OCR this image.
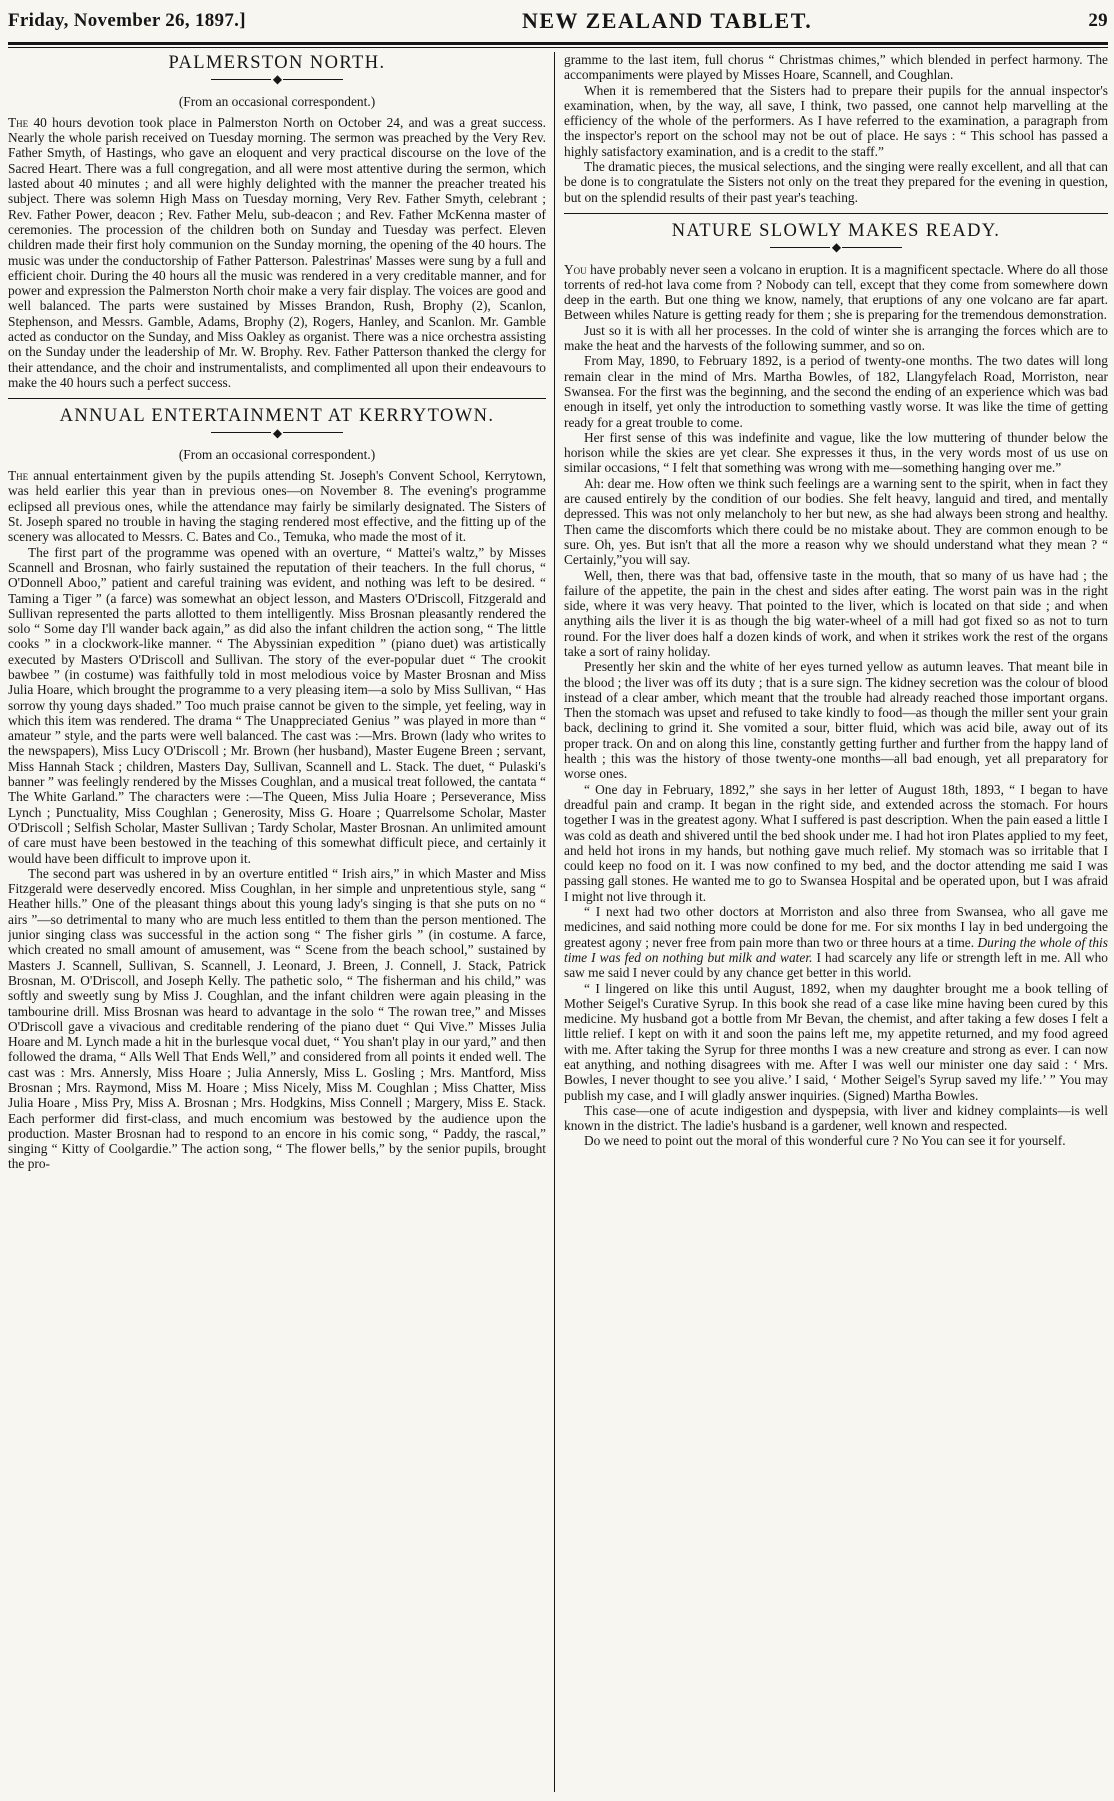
Friday, November 26, 1897.]	NEW ZEALAND TABLET.	29
PALMERSTON NORTH.
◆
(From an occasional correspondent.)

The 40 hours devotion took place in Palmerston North on October 24, and was a great success. Nearly the whole parish received on Tuesday morning. The sermon was preached by the Very Rev. Father Smyth, of Hastings, who gave an eloquent and very practical discourse on the love of the Sacred Heart. There was a full congregation, and all were most attentive during the sermon, which lasted about 40 minutes ; and all were highly delighted with the manner the preacher treated his subject. There was solemn High Mass on Tuesday morning, Very Rev. Father Smyth, celebrant ; Rev. Father Power, deacon ; Rev. Father Melu, sub-deacon ; and Rev. Father McKenna master of ceremonies. The procession of the children both on Sunday and Tuesday was perfect. Eleven children made their first holy communion on the Sunday morning, the opening of the 40 hours. The music was under the conductorship of Father Patterson. Palestrinas' Masses were sung by a full and efficient choir. During the 40 hours all the music was rendered in a very creditable manner, and for power and expression the Palmerston North choir make a very fair display. The voices are good and well balanced. The parts were sustained by Misses Brandon, Rush, Brophy (2), Scanlon, Stephenson, and Messrs. Gamble, Adams, Brophy (2), Rogers, Hanley, and Scanlon. Mr. Gamble acted as conductor on the Sunday, and Miss Oakley as organist. There was a nice orchestra assisting on the Sunday under the leadership of Mr. W. Brophy. Rev. Father Patterson thanked the clergy for their attendance, and the choir and instrumentalists, and complimented all upon their endeavours to make the 40 hours such a perfect success.

ANNUAL ENTERTAINMENT AT KERRYTOWN.
◆
(From an occasional correspondent.)

The annual entertainment given by the pupils attending St. Joseph's Convent School, Kerrytown, was held earlier this year than in previous ones—on November 8. The evening's programme eclipsed all previous ones, while the attendance may fairly be similarly designated. The Sisters of St. Joseph spared no trouble in having the staging rendered most effective, and the fitting up of the scenery was allocated to Messrs. C. Bates and Co., Temuka, who made the most of it.

The first part of the programme was opened with an overture, “ Mattei's waltz,” by Misses Scannell and Brosnan, who fairly sustained the reputation of their teachers. In the full chorus, “ O'Donnell Aboo,” patient and careful training was evident, and nothing was left to be desired. “ Taming a Tiger ” (a farce) was somewhat an object lesson, and Masters O'Driscoll, Fitzgerald and Sullivan represented the parts allotted to them intelligently. Miss Brosnan pleasantly rendered the solo “ Some day I'll wander back again,” as did also the infant children the action song, “ The little cooks ” in a clockwork-like manner. “ The Abyssinian expedition ” (piano duet) was artistically executed by Masters O'Driscoll and Sullivan. The story of the ever-popular duet “ The crookit bawbee ” (in costume) was faithfully told in most melodious voice by Master Brosnan and Miss Julia Hoare, which brought the programme to a very pleasing item—a solo by Miss Sullivan, “ Has sorrow thy young days shaded.” Too much praise cannot be given to the simple, yet feeling, way in which this item was rendered. The drama “ The Unappreciated Genius ” was played in more than “ amateur ” style, and the parts were well balanced. The cast was :—Mrs. Brown (lady who writes to the newspapers), Miss Lucy O'Driscoll ; Mr. Brown (her husband), Master Eugene Breen ; servant, Miss Hannah Stack ; children, Masters Day, Sullivan, Scannell and L. Stack. The duet, “ Pulaski's banner ” was feelingly rendered by the Misses Coughlan, and a musical treat followed, the cantata “ The White Garland.” The characters were :—The Queen, Miss Julia Hoare ; Perseverance, Miss Lynch ; Punctuality, Miss Coughlan ; Generosity, Miss G. Hoare ; Quarrelsome Scholar, Master O'Driscoll ; Selfish Scholar, Master Sullivan ; Tardy Scholar, Master Brosnan. An unlimited amount of care must have been bestowed in the teaching of this somewhat difficult piece, and certainly it would have been difficult to improve upon it.

The second part was ushered in by an overture entitled “ Irish airs,” in which Master and Miss Fitzgerald were deservedly encored. Miss Coughlan, in her simple and unpretentious style, sang “ Heather hills.” One of the pleasant things about this young lady's singing is that she puts on no “ airs ”—so detrimental to many who are much less entitled to them than the person mentioned. The junior singing class was successful in the action song “ The fisher girls ” (in costume. A farce, which created no small amount of amusement, was “ Scene from the beach school,” sustained by Masters J. Scannell, Sullivan, S. Scannell, J. Leonard, J. Breen, J. Connell, J. Stack, Patrick Brosnan, M. O'Driscoll, and Joseph Kelly. The pathetic solo, “ The fisherman and his child,” was softly and sweetly sung by Miss J. Coughlan, and the infant children were again pleasing in the tambourine drill. Miss Brosnan was heard to advantage in the solo “ The rowan tree,” and Misses O'Driscoll gave a vivacious and creditable rendering of the piano duet “ Qui Vive.” Misses Julia Hoare and M. Lynch made a hit in the burlesque vocal duet, “ You shan't play in our yard,” and then followed the drama, “ Alls Well That Ends Well,” and considered from all points it ended well. The cast was : Mrs. Annersly, Miss Hoare ; Julia Annersly, Miss L. Gosling ; Mrs. Mantford, Miss Brosnan ; Mrs. Raymond, Miss M. Hoare ; Miss Nicely, Miss M. Coughlan ; Miss Chatter, Miss Julia Hoare , Miss Pry, Miss A. Brosnan ; Mrs. Hodgkins, Miss Connell ; Margery, Miss E. Stack. Each performer did first-class, and much encomium was bestowed by the audience upon the production. Master Brosnan had to respond to an encore in his comic song, “ Paddy, the rascal,” singing “ Kitty of Coolgardie.” The action song, “ The flower bells,” by the senior pupils, brought the pro-

gramme to the last item, full chorus “ Christmas chimes,” which blended in perfect harmony. The accompaniments were played by Misses Hoare, Scannell, and Coughlan.

When it is remembered that the Sisters had to prepare their pupils for the annual inspector's examination, when, by the way, all save, I think, two passed, one cannot help marvelling at the efficiency of the whole of the performers. As I have referred to the examination, a paragraph from the inspector's report on the school may not be out of place. He says : “ This school has passed a highly satisfactory examination, and is a credit to the staff.”

The dramatic pieces, the musical selections, and the singing were really excellent, and all that can be done is to congratulate the Sisters not only on the treat they prepared for the evening in question, but on the splendid results of their past year's teaching.

NATURE SLOWLY MAKES READY.
◆

You have probably never seen a volcano in eruption. It is a magnificent spectacle. Where do all those torrents of red-hot lava come from ? Nobody can tell, except that they come from somewhere down deep in the earth. But one thing we know, namely, that eruptions of any one volcano are far apart. Between whiles Nature is getting ready for them ; she is preparing for the tremendous demonstration.

Just so it is with all her processes. In the cold of winter she is arranging the forces which are to make the heat and the harvests of the following summer, and so on.

From May, 1890, to February 1892, is a period of twenty-one months. The two dates will long remain clear in the mind of Mrs. Martha Bowles, of 182, Llangyfelach Road, Morriston, near Swansea. For the first was the beginning, and the second the ending of an experience which was bad enough in itself, yet only the introduction to something vastly worse. It was like the time of getting ready for a great trouble to come.

Her first sense of this was indefinite and vague, like the low muttering of thunder below the horison while the skies are yet clear. She expresses it thus, in the very words most of us use on similar occasions, “ I felt that something was wrong with me—something hanging over me.”

Ah: dear me. How often we think such feelings are a warning sent to the spirit, when in fact they are caused entirely by the condition of our bodies. She felt heavy, languid and tired, and mentally depressed. This was not only melancholy to her but new, as she had always been strong and healthy. Then came the discomforts which there could be no mistake about. They are common enough to be sure. Oh, yes. But isn't that all the more a reason why we should understand what they mean ? “ Certainly,”you will say.

Well, then, there was that bad, offensive taste in the mouth, that so many of us have had ; the failure of the appetite, the pain in the chest and sides after eating. The worst pain was in the right side, where it was very heavy. That pointed to the liver, which is located on that side ; and when anything ails the liver it is as though the big water-wheel of a mill had got fixed so as not to turn round. For the liver does half a dozen kinds of work, and when it strikes work the rest of the organs take a sort of rainy holiday.

Presently her skin and the white of her eyes turned yellow as autumn leaves. That meant bile in the blood ; the liver was off its duty ; that is a sure sign. The kidney secretion was the colour of blood instead of a clear amber, which meant that the trouble had already reached those important organs. Then the stomach was upset and refused to take kindly to food—as though the miller sent your grain back, declining to grind it. She vomited a sour, bitter fluid, which was acid bile, away out of its proper track. On and on along this line, constantly getting further and further from the happy land of health ; this was the history of those twenty-one months—all bad enough, yet all preparatory for worse ones.

“ One day in February, 1892,” she says in her letter of August 18th, 1893, “ I began to have dreadful pain and cramp. It began in the right side, and extended across the stomach. For hours together I was in the greatest agony. What I suffered is past description. When the pain eased a little I was cold as death and shivered until the bed shook under me. I had hot iron Plates applied to my feet, and held hot irons in my hands, but nothing gave much relief. My stomach was so irritable that I could keep no food on it. I was now confined to my bed, and the doctor attending me said I was passing gall stones. He wanted me to go to Swansea Hospital and be operated upon, but I was afraid I might not live through it.

“ I next had two other doctors at Morriston and also three from Swansea, who all gave me medicines, and said nothing more could be done for me. For six months I lay in bed undergoing the greatest agony ; never free from pain more than two or three hours at a time. During the whole of this time I was fed on nothing but milk and water. I had scarcely any life or strength left in me. All who saw me said I never could by any chance get better in this world.

“ I lingered on like this until August, 1892, when my daughter brought me a book telling of Mother Seigel's Curative Syrup. In this book she read of a case like mine having been cured by this medicine. My husband got a bottle from Mr Bevan, the chemist, and after taking a few doses I felt a little relief. I kept on with it and soon the pains left me, my appetite returned, and my food agreed with me. After taking the Syrup for three months I was a new creature and strong as ever. I can now eat anything, and nothing disagrees with me. After I was well our minister one day said : ‘ Mrs. Bowles, I never thought to see you alive.’ I said, ‘ Mother Seigel's Syrup saved my life.’ ” You may publish my case, and I will gladly answer inquiries. (Signed) Martha Bowles.

This case—one of acute indigestion and dyspepsia, with liver and kidney complaints—is well known in the district. The ladie's husband is a gardener, well known and respected.

Do we need to point out the moral of this wonderful cure ? No You can see it for yourself.
